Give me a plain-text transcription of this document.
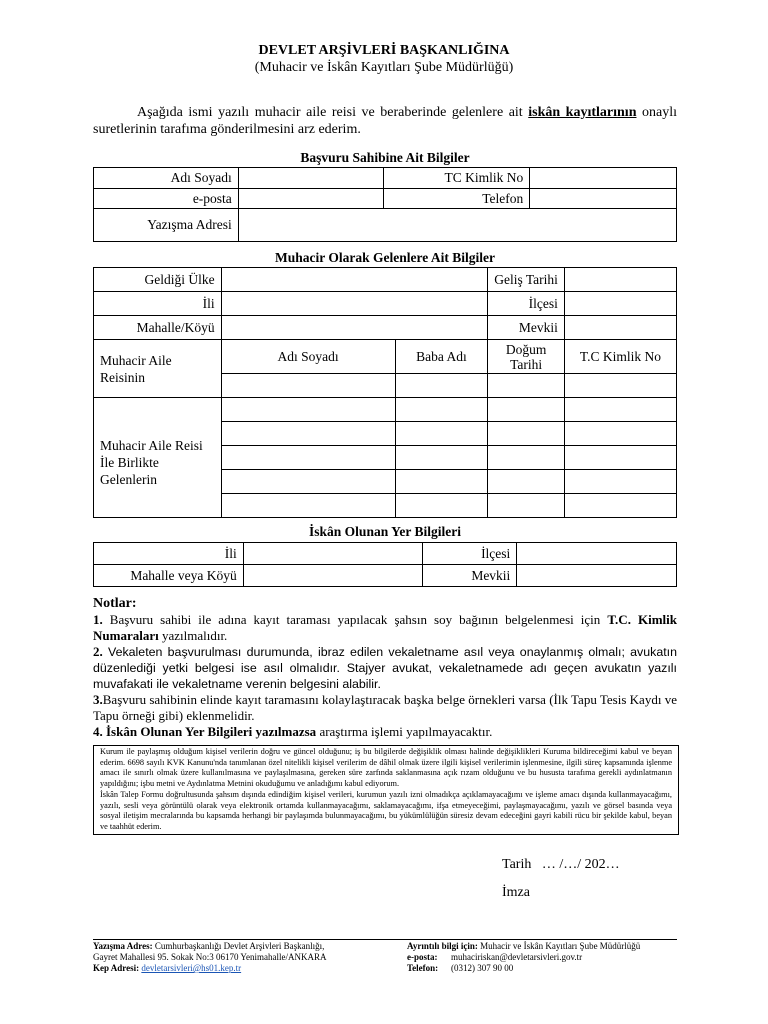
DEVLET ARŞİVLERİ BAŞKANLIĞINA
(Muhacir ve İskân Kayıtları Şube Müdürlüğü)
Aşağıda ismi yazılı muhacir aile reisi ve beraberinde gelenlere ait iskân kayıtlarının onaylı suretlerinin tarafıma gönderilmesini arz ederim.
Başvuru Sahibine Ait Bilgiler
Adı Soyadı		TC Kimlik No	
e-posta		Telefon	
Yazışma Adresi			
Muhacir Olarak Gelenlere Ait Bilgiler
Geldiği Ülke			Geliş Tarihi	
İli			İlçesi	
Mahalle/Köyü			Mevkii	
Muhacir Aile Reisinin	Adı Soyadı	Baba Adı	Doğum Tarihi	T.C Kimlik No

Muhacir Aile Reisi İle Birlikte Gelenlerin				

İskân Olunan Yer Bilgileri
İli		İlçesi	
Mahalle veya Köyü		Mevkii	
Notlar:

1. Başvuru sahibi ile adına kayıt taraması yapılacak şahsın soy bağının belgelenmesi için T.C. Kimlik Numaraları yazılmalıdır.

2. Vekaleten başvurulması durumunda, ibraz edilen vekaletname asıl veya onaylanmış olmalı; avukatın düzenlediği yetki belgesi ise asıl olmalıdır. Stajyer avukat, vekaletnamede adı geçen avukatın yazılı muvafakati ile vekaletname verenin belgesini alabilir.

3.Başvuru sahibinin elinde kayıt taramasını kolaylaştıracak başka belge örnekleri varsa (İlk Tapu Tesis Kaydı ve Tapu örneği gibi) eklenmelidir.

4. İskân Olunan Yer Bilgileri yazılmazsa araştırma işlemi yapılmayacaktır.

Kurum ile paylaşmış olduğum kişisel verilerin doğru ve güncel olduğunu; iş bu bilgilerde değişiklik olması halinde değişiklikleri Kuruma bildireceğimi kabul ve beyan ederim. 6698 sayılı KVK Kanunu'nda tanımlanan özel nitelikli kişisel verilerim de dâhil olmak üzere ilgili kişisel verilerimin işlenmesine, ilgili süreç kapsamında işlenme amacı ile sınırlı olmak üzere kullanılmasına ve paylaşılmasına, gereken süre zarfında saklanmasına açık rızam olduğunu ve bu hususta tarafıma gerekli aydınlatmanın yapıldığını; işbu metni ve Aydınlatma Metnini okuduğumu ve anladığımı kabul ediyorum.

İskân Talep Formu doğrultusunda şahsım dışında edindiğim kişisel verileri, kurumun yazılı izni olmadıkça açıklamayacağımı ve işleme amacı dışında kullanmayacağımı, yazılı, sesli veya görüntülü olarak veya elektronik ortamda kullanmayacağımı, saklamayacağımı, ifşa etmeyeceğimi, paylaşmayacağımı, yazılı ve görsel basında veya sosyal iletişim mecralarında bu kapsamda herhangi bir paylaşımda bulunmayacağımı, bu yükümlülüğün süresiz devam edeceğini gayri kabili rücu bir şekilde kabul, beyan ve taahhüt ederim.

Tarih   … /…/ 202…
İmza
Yazışma Adres: Cumhurbaşkanlığı Devlet Arşivleri Başkanlığı,
Gayret Mahallesi 95. Sokak No:3 06170 Yenimahalle/ANKARA
Kep Adresi: devletarsivleri@hs01.kep.tr
Ayrıntılı bilgi için: Muhacir ve İskân Kayıtları Şube Müdürlüğü
e-posta: muhaciriskan@devletarsivleri.gov.tr
Telefon: (0312) 307 90 00
